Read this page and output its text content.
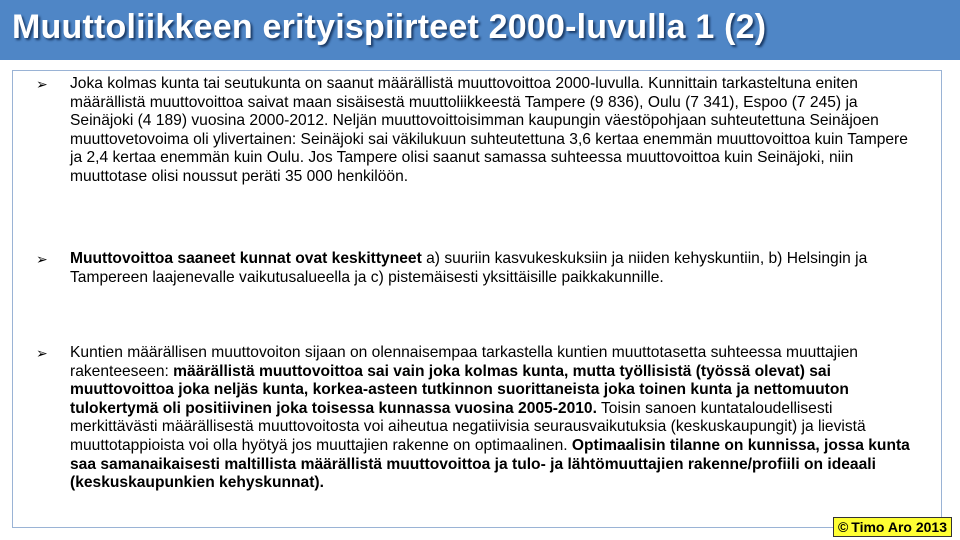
Muuttoliikkeen erityispiirteet 2000-luvulla 1 (2)
➢ Joka kolmas kunta tai seutukunta on saanut määrällistä muuttovoittoa 2000-luvulla. Kunnittain tarkasteltuna eniten määrällistä muuttovoittoa saivat maan sisäisestä muuttoliikkeestä Tampere (9 836), Oulu (7 341), Espoo (7 245) ja Seinäjoki (4 189) vuosina 2000-2012. Neljän muuttovoittoisimman kaupungin väestöpohjaan suhteutettuna Seinäjoen muuttovetovoima oli ylivertainen: Seinäjoki sai väkilukuun suhteutettuna 3,6 kertaa enemmän muuttovoittoa kuin Tampere ja 2,4 kertaa enemmän kuin Oulu. Jos Tampere olisi saanut samassa suhteessa muuttovoittoa kuin Seinäjoki, niin muuttotase olisi noussut peräti 35 000 henkilöön.
➢ Muuttovoittoa saaneet kunnat ovat keskittyneet a) suuriin kasvukeskuksiin ja niiden kehyskuntiin, b) Helsingin ja Tampereen laajenevalle vaikutusalueella ja c) pistemäisesti yksittäisille paikkakunnille.
➢ Kuntien määrällisen muuttovoiton sijaan on olennaisempaa tarkastella kuntien muuttotasetta suhteessa muuttajien rakenteeseen: määrällistä muuttovoittoa sai vain joka kolmas kunta, mutta työllisistä (työssä olevat) sai muuttovoittoa joka neljäs kunta, korkea-asteen tutkinnon suorittaneista joka toinen kunta ja nettomuuton tulokertymä oli positiivinen joka toisessa kunnassa vuosina 2005-2010. Toisin sanoen kuntataloudellisesti merkittävästi määrällisestä muuttovoitosta voi aiheutua negatiivisia seurausvaikutuksia (keskuskaupungit) ja lievistä muuttotappioista voi olla hyötyä jos muuttajien rakenne on optimaalinen. Optimaalisin tilanne on kunnissa, jossa kunta saa samanaikaisesti maltillista määrällistä muuttovoittoa ja tulo- ja lähtömuuttajien rakenne/profiili on ideaali (keskuskaupunkien kehyskunnat).
© Timo Aro 2013
